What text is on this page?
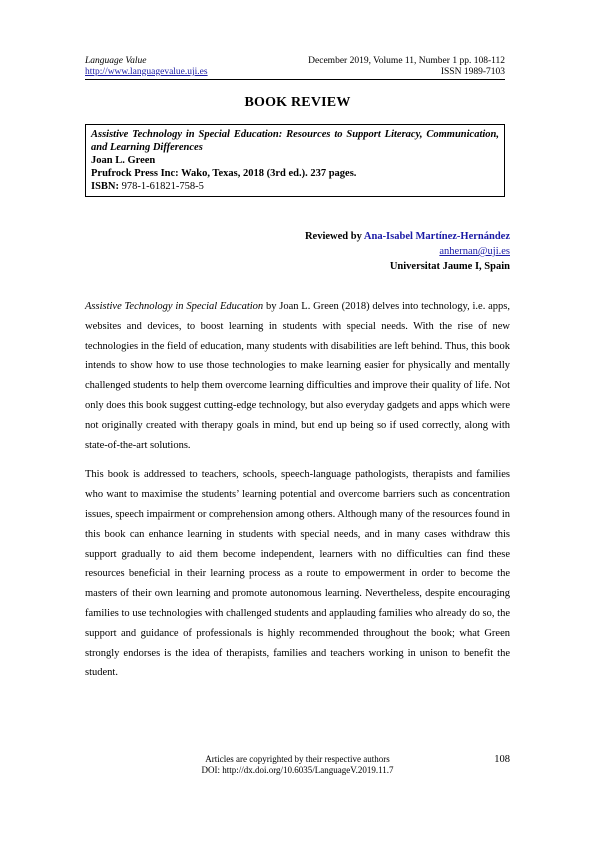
Language Value
http://www.languagevalue.uji.es
December 2019, Volume 11, Number 1 pp. 108-112
ISSN 1989-7103
BOOK REVIEW
Assistive Technology in Special Education: Resources to Support Literacy, Communication, and Learning Differences
Joan L. Green
Prufrock Press Inc: Wako, Texas, 2018 (3rd ed.). 237 pages.
ISBN: 978-1-61821-758-5
Reviewed by Ana-Isabel Martínez-Hernández
anhernan@uji.es
Universitat Jaume I, Spain

Assistive Technology in Special Education by Joan L. Green (2018) delves into technology, i.e. apps, websites and devices, to boost learning in students with special needs. With the rise of new technologies in the field of education, many students with disabilities are left behind. Thus, this book intends to show how to use those technologies to make learning easier for physically and mentally challenged students to help them overcome learning difficulties and improve their quality of life. Not only does this book suggest cutting-edge technology, but also everyday gadgets and apps which were not originally created with therapy goals in mind, but end up being so if used correctly, along with state-of-the-art solutions.

This book is addressed to teachers, schools, speech-language pathologists, therapists and families who want to maximise the students’ learning potential and overcome barriers such as concentration issues, speech impairment or comprehension among others. Although many of the resources found in this book can enhance learning in students with special needs, and in many cases withdraw this support gradually to aid them become independent, learners with no difficulties can find these resources beneficial in their learning process as a route to empowerment in order to become the masters of their own learning and promote autonomous learning. Nevertheless, despite encouraging families to use technologies with challenged students and applauding families who already do so, the support and guidance of professionals is highly recommended throughout the book; what Green strongly endorses is the idea of therapists, families and teachers working in unison to benefit the student.

Articles are copyrighted by their respective authors
DOI: http://dx.doi.org/10.6035/LanguageV.2019.11.7
108
